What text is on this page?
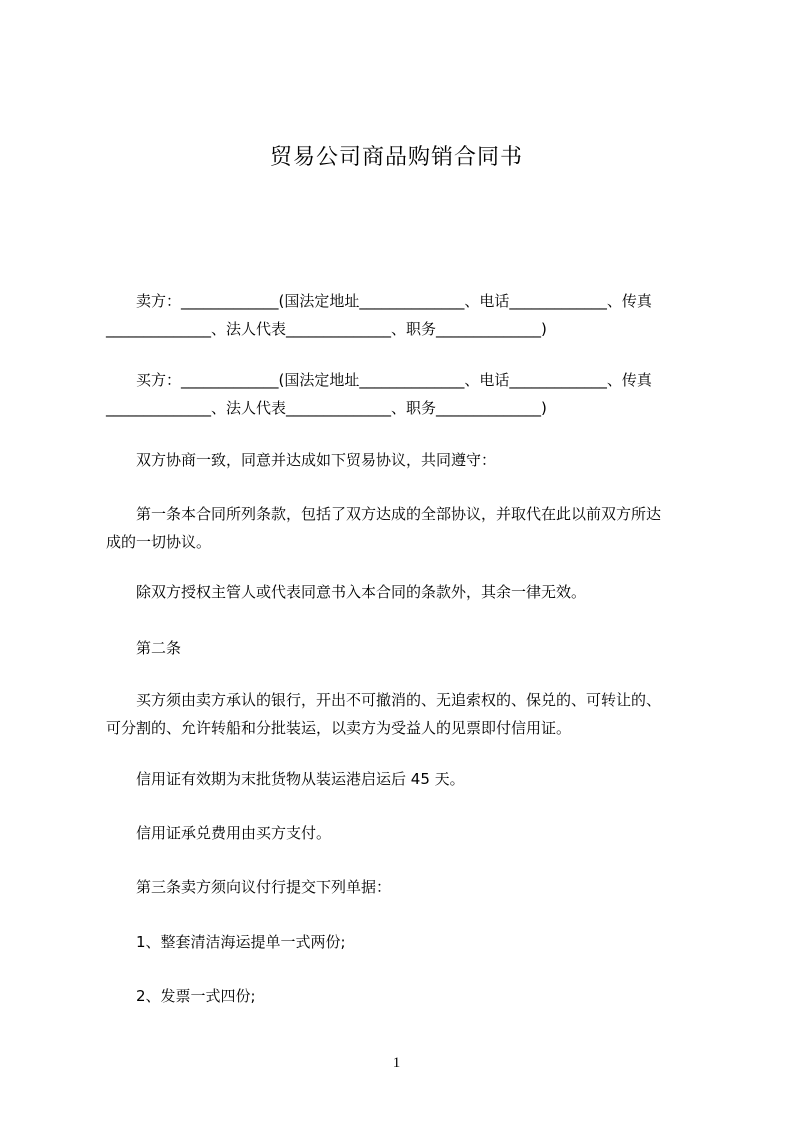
贸易公司商品购销合同书
卖方：_____________(国法定地址______________、电话_____________、传真
______________、法人代表______________、职务______________)
买方：_____________(国法定地址______________、电话_____________、传真
______________、法人代表______________、职务______________)
双方协商一致，同意并达成如下贸易协议，共同遵守：
第一条本合同所列条款，包括了双方达成的全部协议，并取代在此以前双方所达
成的一切协议。
除双方授权主管人或代表同意书入本合同的条款外，其余一律无效。
第二条
买方须由卖方承认的银行，开出不可撤消的、无追索权的、保兑的、可转让的、
可分割的、允许转船和分批装运，以卖方为受益人的见票即付信用证。
信用证有效期为末批货物从装运港启运后 45 天。
信用证承兑费用由买方支付。
第三条卖方须向议付行提交下列单据：
1、整套清洁海运提单一式两份;
2、发票一式四份;
1
